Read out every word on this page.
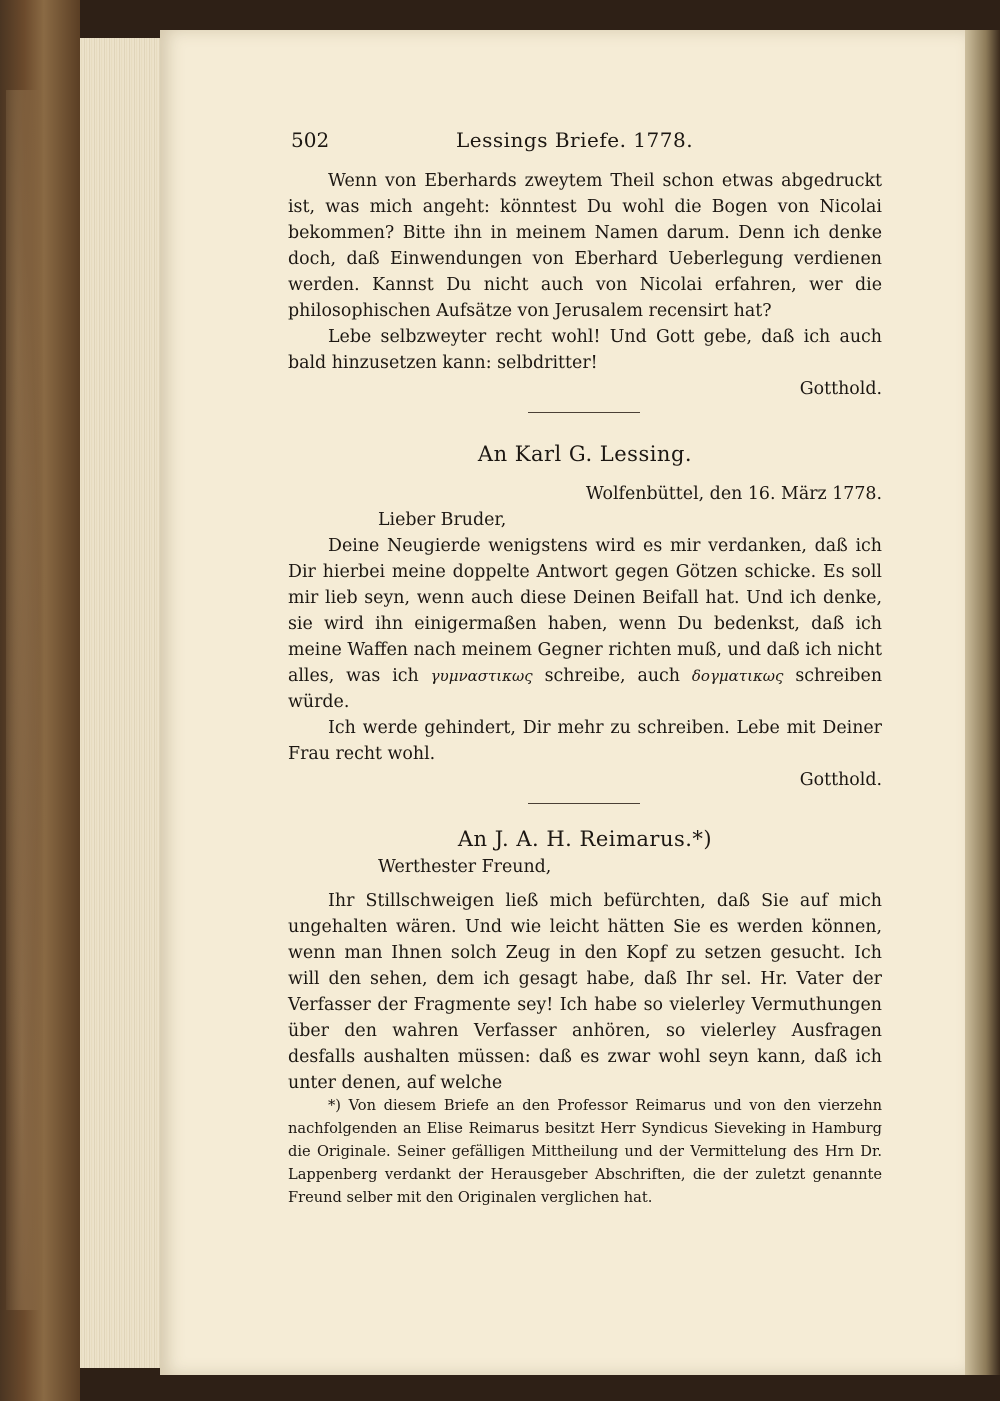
502	Lessings Briefe. 1778.

Wenn von Eberhards zweytem Theil schon etwas abgedruckt ist, was mich angeht: könntest Du wohl die Bogen von Nicolai bekommen? Bitte ihn in meinem Namen darum. Denn ich denke doch, daß Einwendungen von Eberhard Ueberlegung verdienen werden. Kannst Du nicht auch von Nicolai erfahren, wer die philosophischen Aufsätze von Jerusalem recensirt hat?

Lebe selbzweyter recht wohl! Und Gott gebe, daß ich auch bald hinzusetzen kann: selbdritter!

Gotthold.

An Karl G. Lessing.

Wolfenbüttel, den 16. März 1778.

Lieber Bruder,

Deine Neugierde wenigstens wird es mir verdanken, daß ich Dir hierbei meine doppelte Antwort gegen Götzen schicke. Es soll mir lieb seyn, wenn auch diese Deinen Beifall hat. Und ich denke, sie wird ihn einigermaßen haben, wenn Du bedenkst, daß ich meine Waffen nach meinem Gegner richten muß, und daß ich nicht alles, was ich γυμναστικως schreibe, auch δογματικως schreiben würde.

Ich werde gehindert, Dir mehr zu schreiben. Lebe mit Deiner Frau recht wohl.

Gotthold.

An J. A. H. Reimarus.*)

Werthester Freund,

Ihr Stillschweigen ließ mich befürchten, daß Sie auf mich ungehalten wären. Und wie leicht hätten Sie es werden können, wenn man Ihnen solch Zeug in den Kopf zu setzen gesucht. Ich will den sehen, dem ich gesagt habe, daß Ihr sel. Hr. Vater der Verfasser der Fragmente sey! Ich habe so vielerley Vermuthungen über den wahren Verfasser anhören, so vielerley Ausfragen desfalls aushalten müssen: daß es zwar wohl seyn kann, daß ich unter denen, auf welche

*) Von diesem Briefe an den Professor Reimarus und von den vierzehn nachfolgenden an Elise Reimarus besitzt Herr Syndicus Sieveking in Hamburg die Originale. Seiner gefälligen Mittheilung und der Vermittelung des Hrn Dr. Lappenberg verdankt der Herausgeber Abschriften, die der zuletzt genannte Freund selber mit den Originalen verglichen hat.
